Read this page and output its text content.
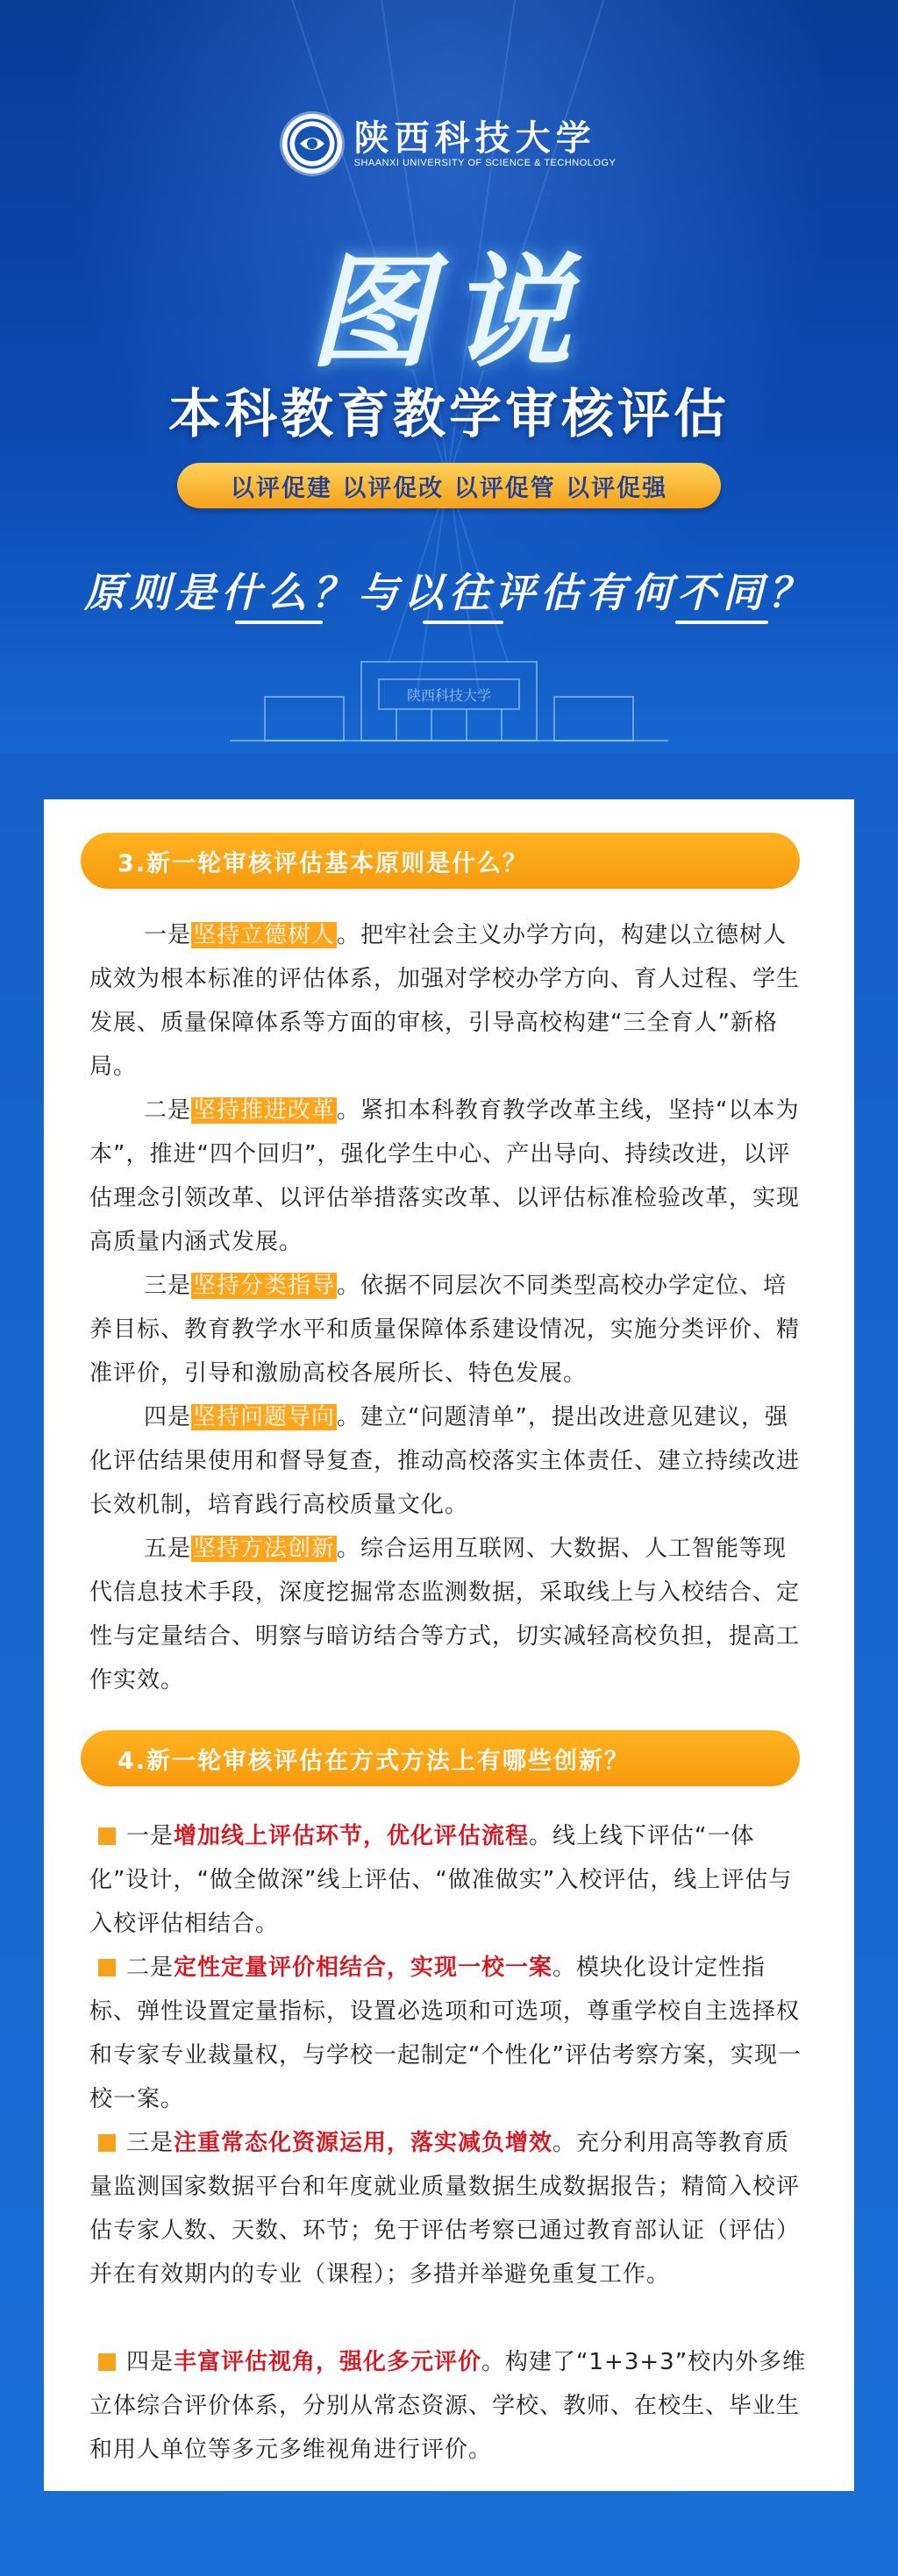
陕西科技大学
SHAANXI UNIVERSITY OF SCIENCE & TECHNOLOGY
图说
本科教育教学审核评估
以评促建 以评促改 以评促管 以评促强
原则是什么？与以往评估有何不同？
陕西科技大学
3.新一轮审核评估基本原则是什么？
一是坚持立德树人。把牢社会主义办学方向，构建以立德树人成效为根本标准的评估体系，加强对学校办学方向、育人过程、学生发展、质量保障体系等方面的审核，引导高校构建“三全育人”新格局。
二是坚持推进改革。紧扣本科教育教学改革主线，坚持“以本为本”，推进“四个回归”，强化学生中心、产出导向、持续改进，以评估理念引领改革、以评估举措落实改革、以评估标准检验改革，实现高质量内涵式发展。
三是坚持分类指导。依据不同层次不同类型高校办学定位、培养目标、教育教学水平和质量保障体系建设情况，实施分类评价、精准评价，引导和激励高校各展所长、特色发展。
四是坚持问题导向。建立“问题清单”，提出改进意见建议，强化评估结果使用和督导复查，推动高校落实主体责任、建立持续改进长效机制，培育践行高校质量文化。
五是坚持方法创新。综合运用互联网、大数据、人工智能等现代信息技术手段，深度挖掘常态监测数据，采取线上与入校结合、定性与定量结合、明察与暗访结合等方式，切实减轻高校负担，提高工作实效。
4.新一轮审核评估在方式方法上有哪些创新？
一是增加线上评估环节，优化评估流程。线上线下评估“一体化”设计，“做全做深”线上评估、“做准做实”入校评估，线上评估与入校评估相结合。
二是定性定量评价相结合，实现一校一案。模块化设计定性指标、弹性设置定量指标，设置必选项和可选项，尊重学校自主选择权和专家专业裁量权，与学校一起制定“个性化”评估考察方案，实现一校一案。
三是注重常态化资源运用，落实减负增效。充分利用高等教育质量监测国家数据平台和年度就业质量数据生成数据报告；精简入校评估专家人数、天数、环节；免于评估考察已通过教育部认证（评估）并在有效期内的专业（课程）；多措并举避免重复工作。
四是丰富评估视角，强化多元评价。构建了“1+3+3”校内外多维立体综合评价体系，分别从常态资源、学校、教师、在校生、毕业生和用人单位等多元多维视角进行评价。
